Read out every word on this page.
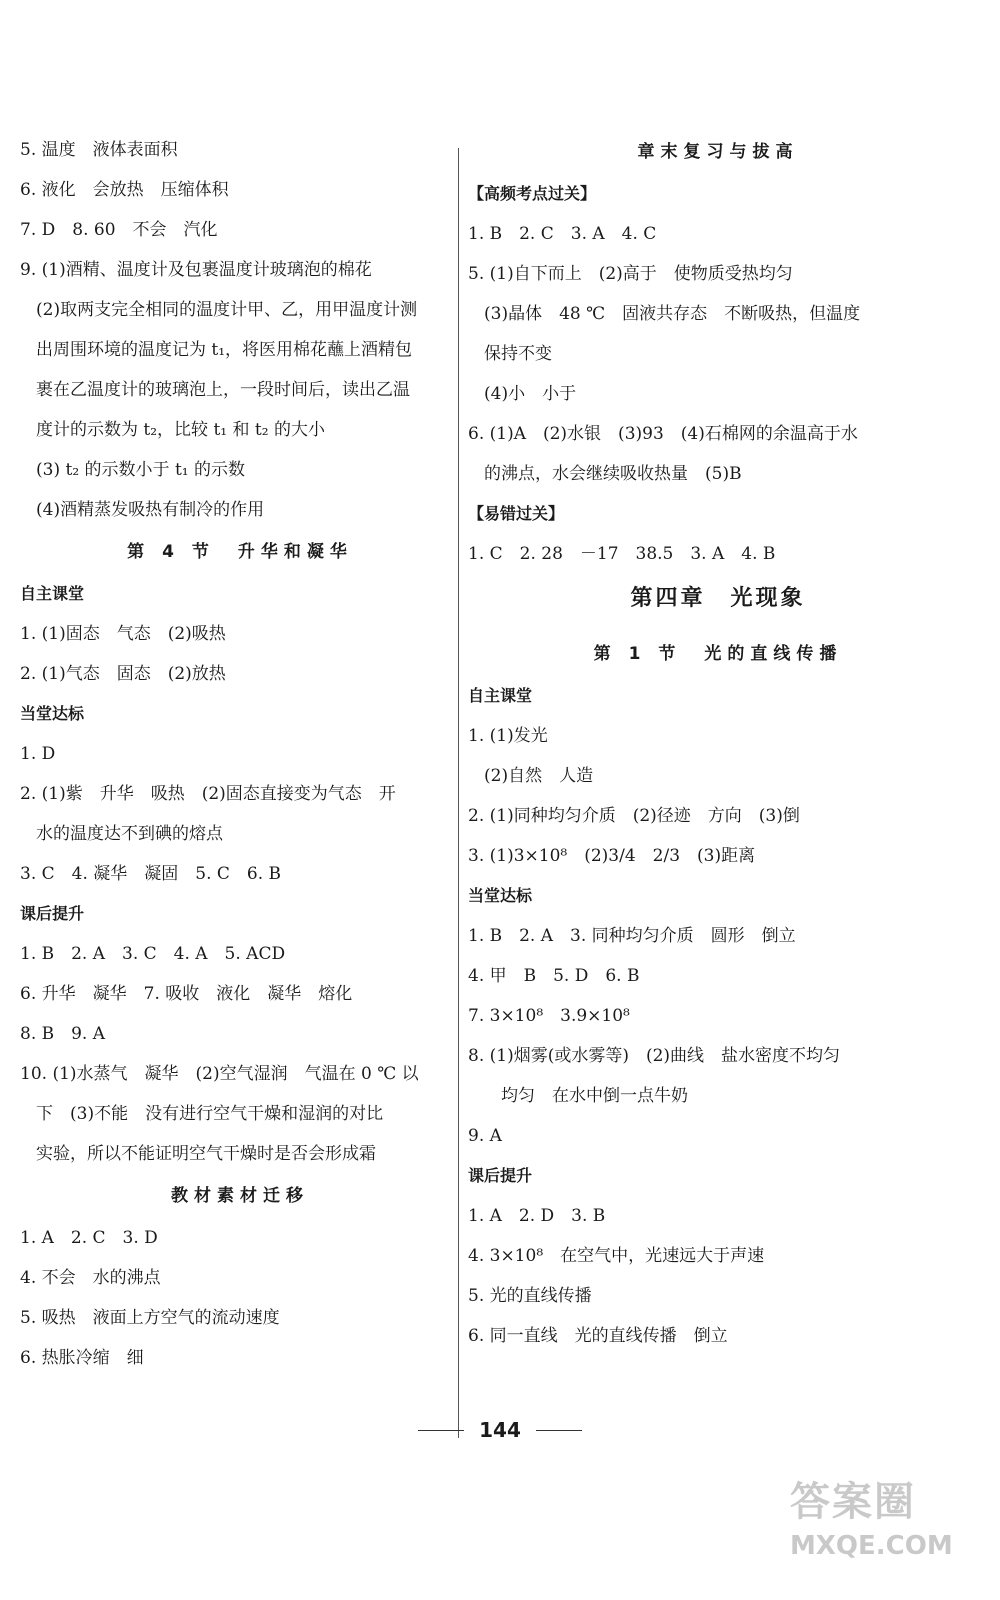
5. 温度　液体表面积
6. 液化　会放热　压缩体积
7. D　8. 60　不会　汽化
9. (1)酒精、温度计及包裹温度计玻璃泡的棉花
(2)取两支完全相同的温度计甲、乙，用甲温度计测
出周围环境的温度记为 t₁，将医用棉花蘸上酒精包
裹在乙温度计的玻璃泡上，一段时间后，读出乙温
度计的示数为 t₂，比较 t₁ 和 t₂ 的大小
(3) t₂ 的示数小于 t₁ 的示数
(4)酒精蒸发吸热有制冷的作用
第 4 节　升华和凝华
自主课堂
1. (1)固态　气态　(2)吸热
2. (1)气态　固态　(2)放热
当堂达标
1. D
2. (1)紫　升华　吸热　(2)固态直接变为气态　开
水的温度达不到碘的熔点
3. C　4. 凝华　凝固　5. C　6. B
课后提升
1. B　2. A　3. C　4. A　5. ACD
6. 升华　凝华　7. 吸收　液化　凝华　熔化
8. B　9. A
10. (1)水蒸气　凝华　(2)空气湿润　气温在 0 ℃ 以
下　(3)不能　没有进行空气干燥和湿润的对比
实验，所以不能证明空气干燥时是否会形成霜
教材素材迁移
1. A　2. C　3. D
4. 不会　水的沸点
5. 吸热　液面上方空气的流动速度
6. 热胀冷缩　细
章末复习与拔高
【高频考点过关】
1. B　2. C　3. A　4. C
5. (1)自下而上　(2)高于　使物质受热均匀
(3)晶体　48 ℃　固液共存态　不断吸热，但温度
保持不变
(4)小　小于
6. (1)A　(2)水银　(3)93　(4)石棉网的余温高于水
的沸点，水会继续吸收热量　(5)B
【易错过关】
1. C　2. 28　－17　38.5　3. A　4. B
第四章　光现象
第 1 节　光的直线传播
自主课堂
1. (1)发光
(2)自然　人造
2. (1)同种均匀介质　(2)径迹　方向　(3)倒
3. (1)3×10⁸　(2)3/4　2/3　(3)距离
当堂达标
1. B　2. A　3. 同种均匀介质　圆形　倒立
4. 甲　B　5. D　6. B
7. 3×10⁸　3.9×10⁸
8. (1)烟雾(或水雾等)　(2)曲线　盐水密度不均匀
　均匀　在水中倒一点牛奶
9. A
课后提升
1. A　2. D　3. B
4. 3×10⁸　在空气中，光速远大于声速
5. 光的直线传播
6. 同一直线　光的直线传播　倒立
144
答案圈
MXQE.COM
